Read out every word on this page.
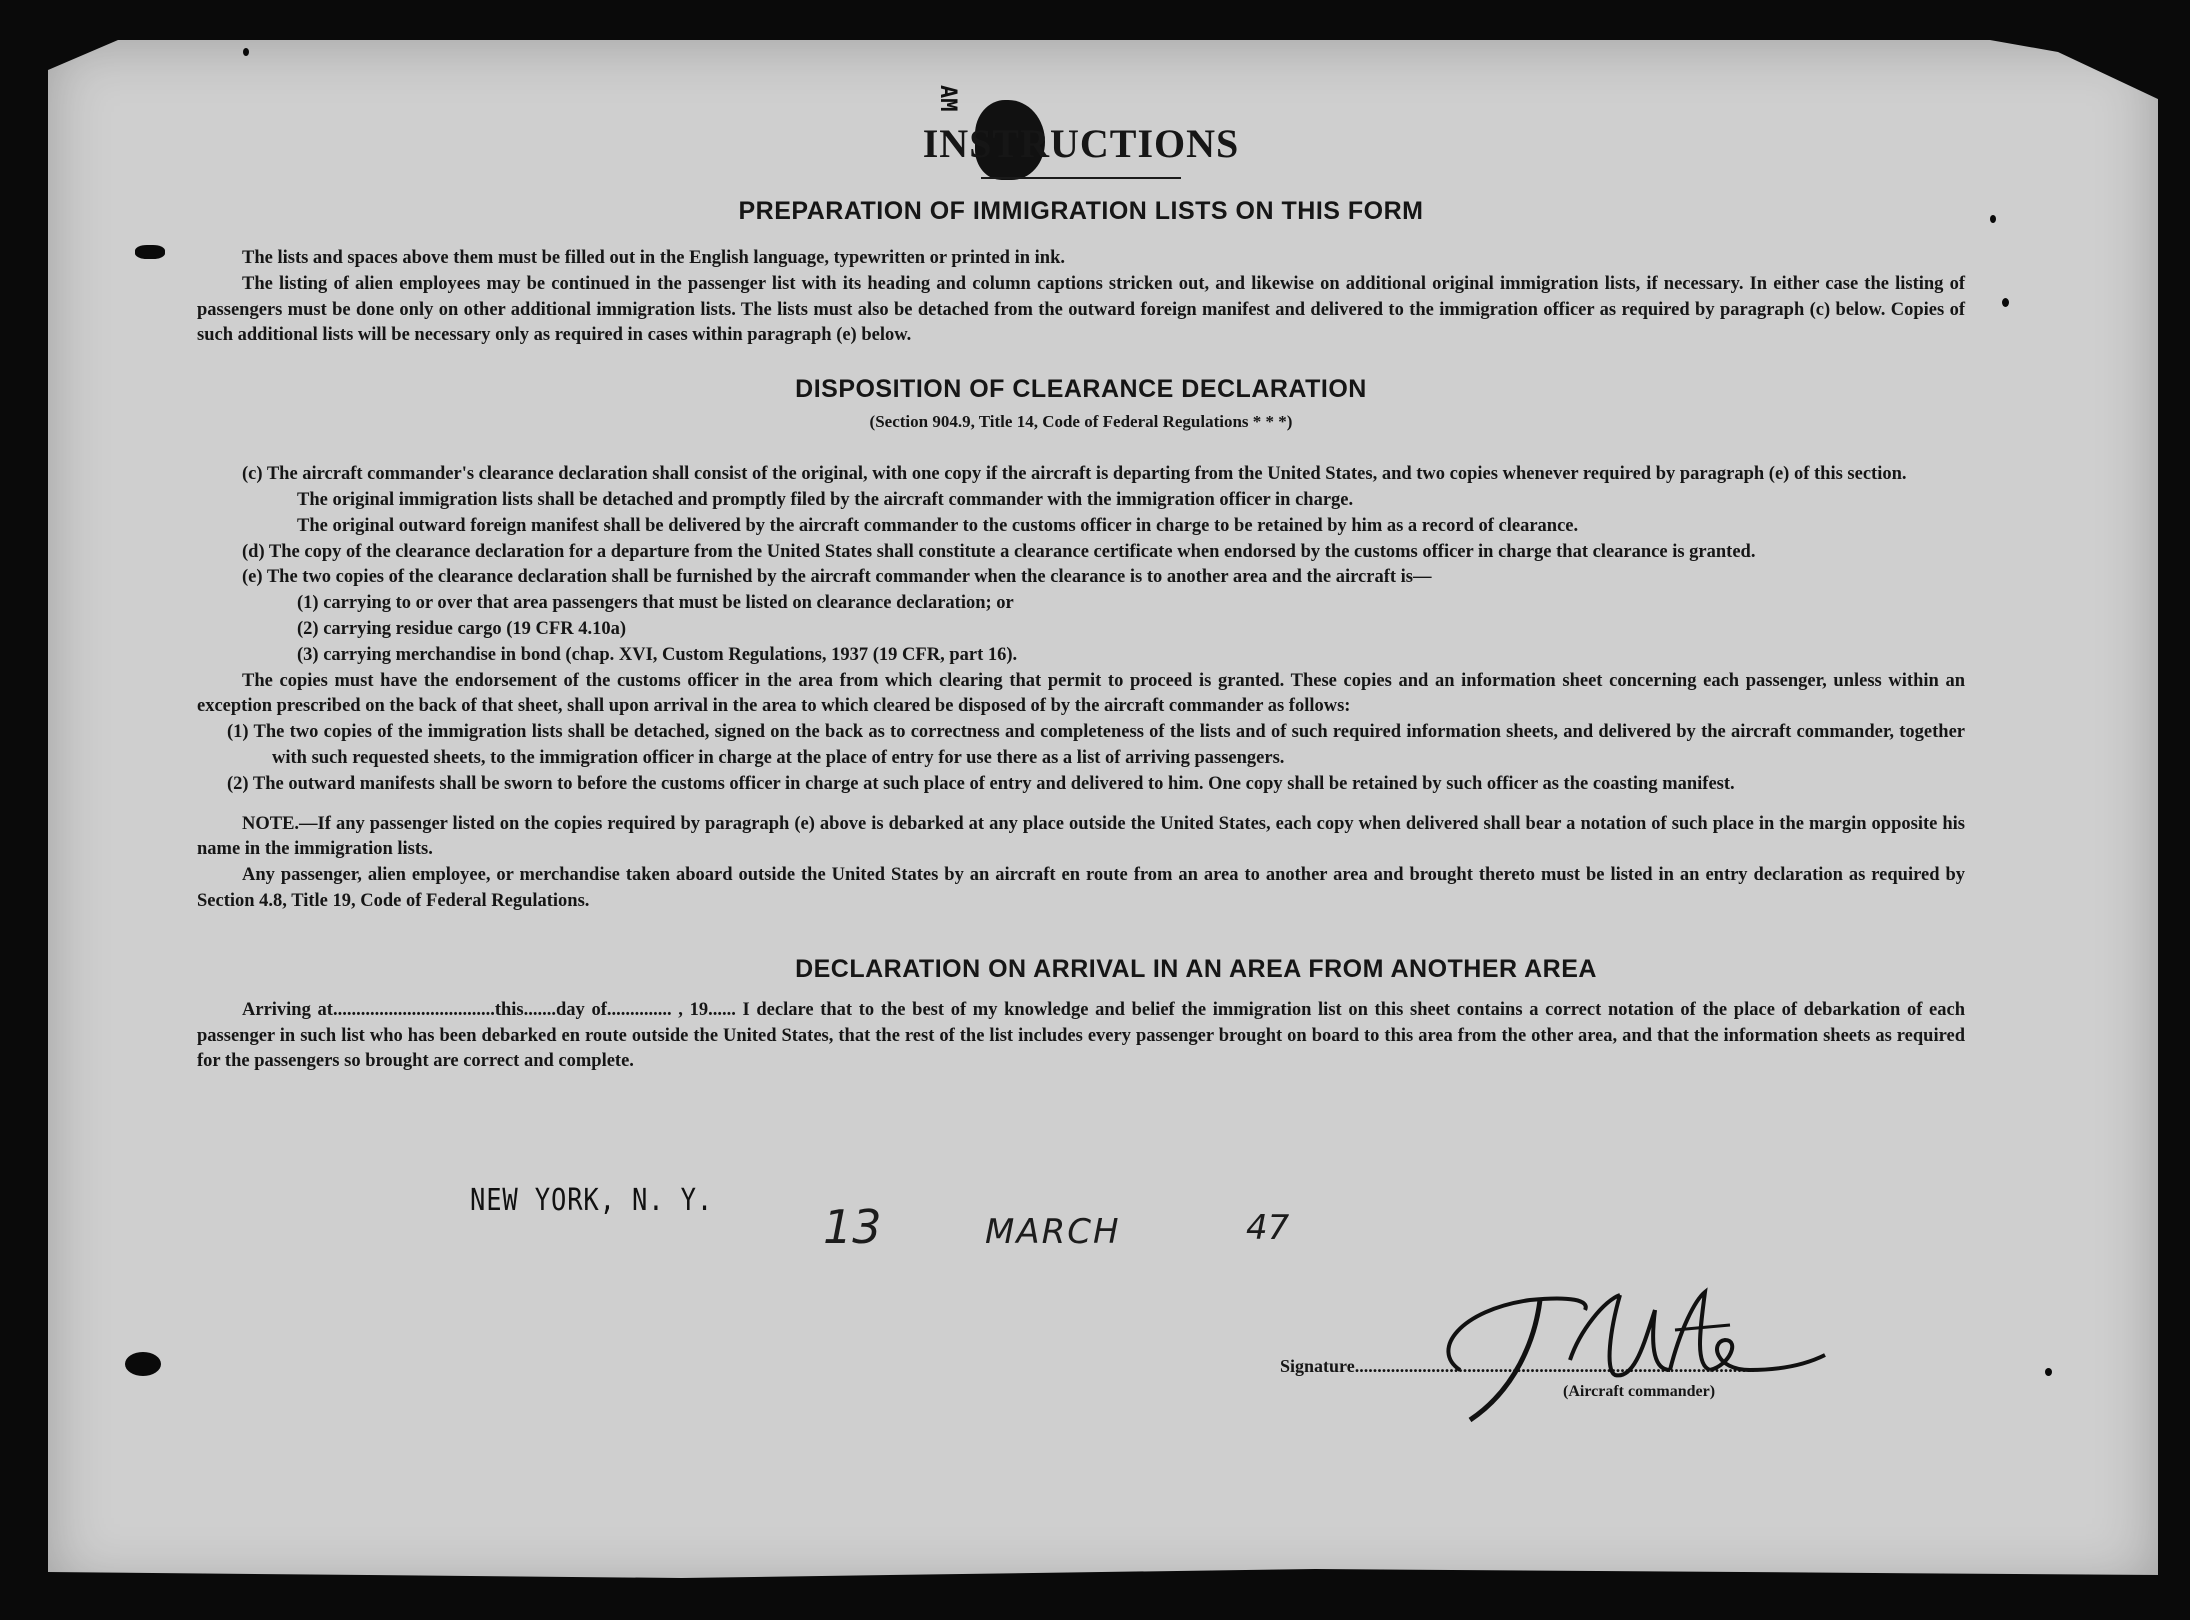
AM
INSTRUCTIONS
PREPARATION OF IMMIGRATION LISTS ON THIS FORM

The lists and spaces above them must be filled out in the English language, typewritten or printed in ink.

The listing of alien employees may be continued in the passenger list with its heading and column captions stricken out, and likewise on additional original immigration lists, if necessary. In either case the listing of passengers must be done only on other additional immigration lists. The lists must also be detached from the outward foreign manifest and delivered to the immigration officer as required by paragraph (c) below. Copies of such additional lists will be necessary only as required in cases within paragraph (e) below.

DISPOSITION OF CLEARANCE DECLARATION
(Section 904.9, Title 14, Code of Federal Regulations * * *)

(c) The aircraft commander's clearance declaration shall consist of the original, with one copy if the aircraft is departing from the United States, and two copies whenever required by paragraph (e) of this section.

The original immigration lists shall be detached and promptly filed by the aircraft commander with the immigration officer in charge.

The original outward foreign manifest shall be delivered by the aircraft commander to the customs officer in charge to be retained by him as a record of clearance.

(d) The copy of the clearance declaration for a departure from the United States shall constitute a clearance certificate when endorsed by the customs officer in charge that clearance is granted.

(e) The two copies of the clearance declaration shall be furnished by the aircraft commander when the clearance is to another area and the aircraft is—

(1) carrying to or over that area passengers that must be listed on clearance declaration; or

(2) carrying residue cargo (19 CFR 4.10a)

(3) carrying merchandise in bond (chap. XVI, Custom Regulations, 1937 (19 CFR, part 16).

The copies must have the endorsement of the customs officer in the area from which clearing that permit to proceed is granted. These copies and an information sheet concerning each passenger, unless within an exception prescribed on the back of that sheet, shall upon arrival in the area to which cleared be disposed of by the aircraft commander as follows:

(1) The two copies of the immigration lists shall be detached, signed on the back as to correctness and completeness of the lists and of such required information sheets, and delivered by the aircraft commander, together with such requested sheets, to the immigration officer in charge at the place of entry for use there as a list of arriving passengers.

(2) The outward manifests shall be sworn to before the customs officer in charge at such place of entry and delivered to him. One copy shall be retained by such officer as the coasting manifest.

NOTE.—If any passenger listed on the copies required by paragraph (e) above is debarked at any place outside the United States, each copy when delivered shall bear a notation of such place in the margin opposite his name in the immigration lists.

Any passenger, alien employee, or merchandise taken aboard outside the United States by an aircraft en route from an area to another area and brought thereto must be listed in an entry declaration as required by Section 4.8, Title 19, Code of Federal Regulations.

DECLARATION ON ARRIVAL IN AN AREA FROM ANOTHER AREA

Arriving at...................................this.......day of.............. , 19...... I declare that to the best of my knowledge and belief the immigration list on this sheet contains a correct notation of the place of debarkation of each passenger in such list who has been debarked en route outside the United States, that the rest of the list includes every passenger brought on board to this area from the other area, and that the information sheets as required for the passengers so brought are correct and complete.

NEW YORK, N. Y. 13	MARCH	47
Signature.........................................................................................
(Aircraft commander)
